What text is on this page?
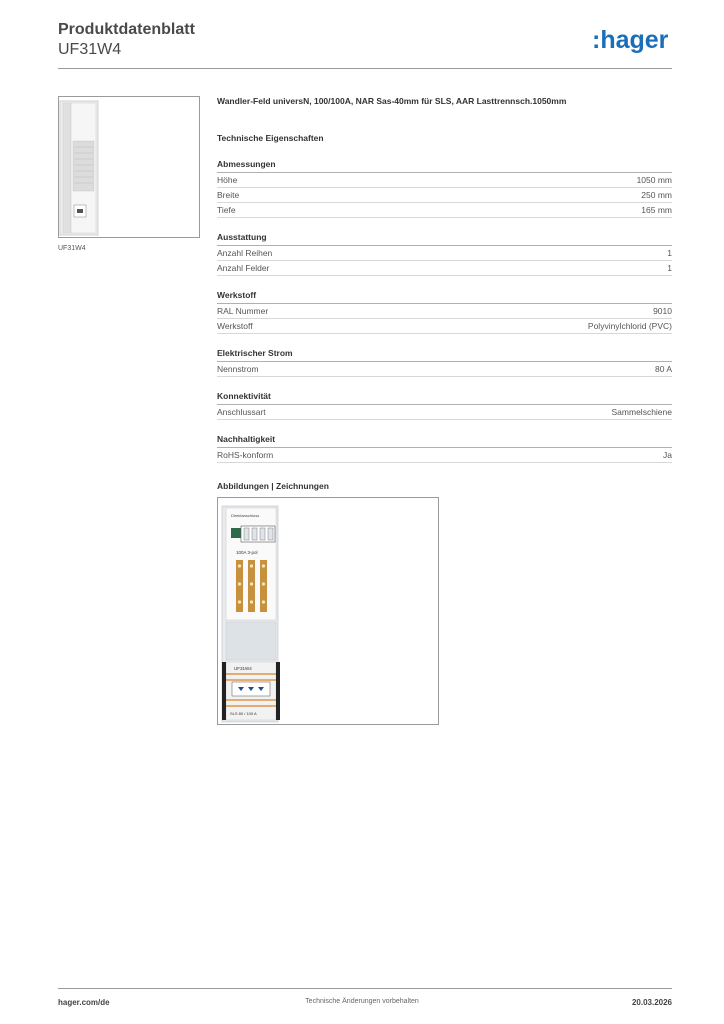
Produktdatenblatt
UF31W4	:hager
UF31W4
Wandler-Feld universN, 100/100A, NAR Sas-40mm für SLS, AAR Lasttrennsch.1050mm
Technische Eigenschaften
Abmessungen
Höhe	1050 mm
Breite	250 mm
Tiefe	165 mm
Ausstattung
Anzahl Reihen	1
Anzahl Felder	1
Werkstoff
RAL Nummer	9010
Werkstoff	Polyvinylchlorid (PVC)
Elektrischer Strom
Nennstrom	80 A
Konnektivität
Anschlussart	Sammelschiene
Nachhaltigkeit
RoHS-konform	Ja
Abbildungen | Zeichnungen
Direktanschluss
100A 3-pol
UF31W4
SLS 80 / 100 A
hager.com/de	Technische Änderungen vorbehalten	20.03.2026
